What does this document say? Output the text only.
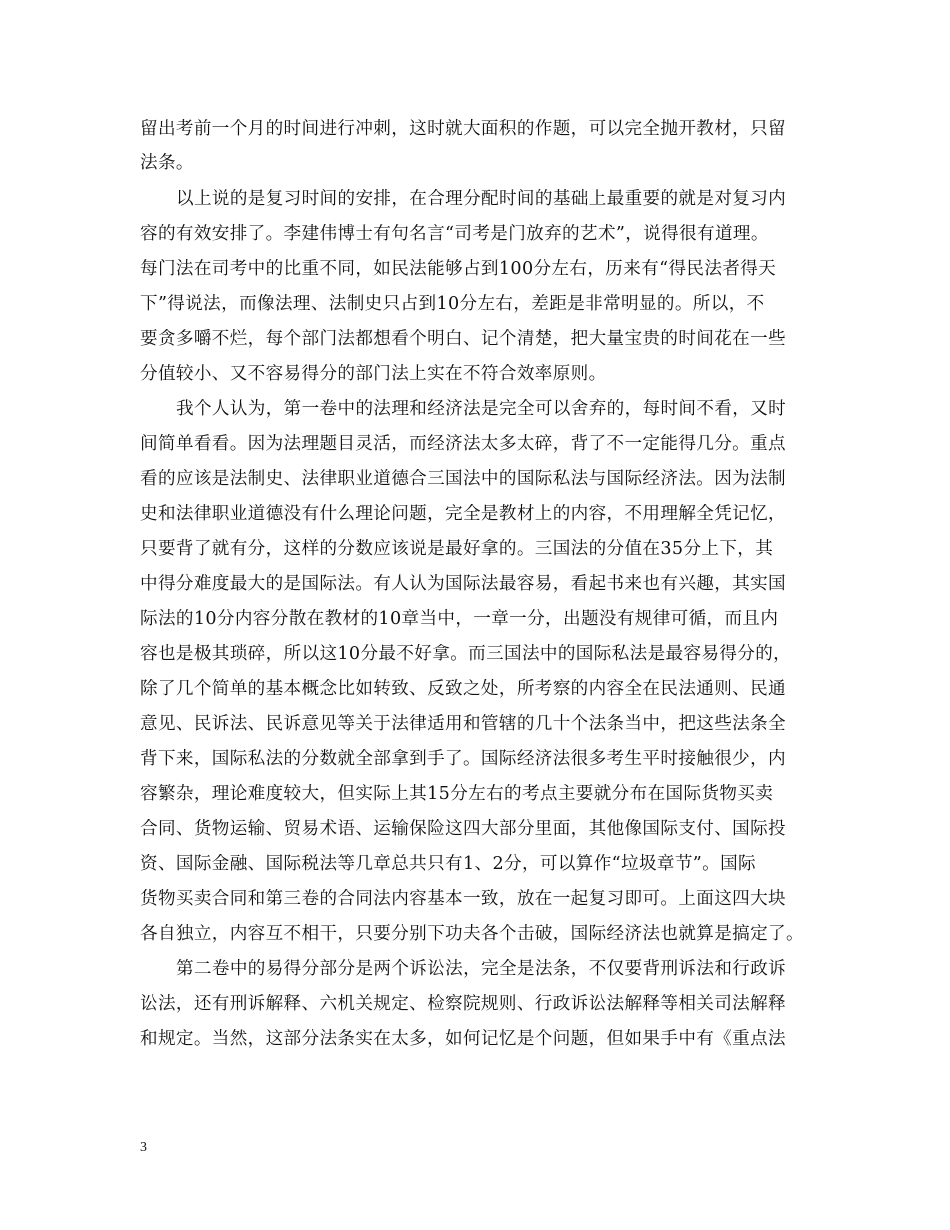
留出考前一个月的时间进行冲刺，这时就大面积的作题，可以完全抛开教材，只留
法条。
以上说的是复习时间的安排，在合理分配时间的基础上最重要的就是对复习内
容的有效安排了。李建伟博士有句名言“司考是门放弃的艺术”，说得很有道理。
每门法在司考中的比重不同，如民法能够占到100分左右，历来有“得民法者得天
下”得说法，而像法理、法制史只占到10分左右，差距是非常明显的。所以，不
要贪多嚼不烂，每个部门法都想看个明白、记个清楚，把大量宝贵的时间花在一些
分值较小、又不容易得分的部门法上实在不符合效率原则。
我个人认为，第一卷中的法理和经济法是完全可以舍弃的，每时间不看，又时
间简单看看。因为法理题目灵活，而经济法太多太碎，背了不一定能得几分。重点
看的应该是法制史、法律职业道德合三国法中的国际私法与国际经济法。因为法制
史和法律职业道德没有什么理论问题，完全是教材上的内容，不用理解全凭记忆，
只要背了就有分，这样的分数应该说是最好拿的。三国法的分值在35分上下，其
中得分难度最大的是国际法。有人认为国际法最容易，看起书来也有兴趣，其实国
际法的10分内容分散在教材的10章当中，一章一分，出题没有规律可循，而且内
容也是极其琐碎，所以这10分最不好拿。而三国法中的国际私法是最容易得分的，
除了几个简单的基本概念比如转致、反致之处，所考察的内容全在民法通则、民通
意见、民诉法、民诉意见等关于法律适用和管辖的几十个法条当中，把这些法条全
背下来，国际私法的分数就全部拿到手了。国际经济法很多考生平时接触很少，内
容繁杂，理论难度较大，但实际上其15分左右的考点主要就分布在国际货物买卖
合同、货物运输、贸易术语、运输保险这四大部分里面，其他像国际支付、国际投
资、国际金融、国际税法等几章总共只有1、2分，可以算作“垃圾章节”。国际
货物买卖合同和第三卷的合同法内容基本一致，放在一起复习即可。上面这四大块
各自独立，内容互不相干，只要分别下功夫各个击破，国际经济法也就算是搞定了。
第二卷中的易得分部分是两个诉讼法，完全是法条，不仅要背刑诉法和行政诉
讼法，还有刑诉解释、六机关规定、检察院规则、行政诉讼法解释等相关司法解释
和规定。当然，这部分法条实在太多，如何记忆是个问题，但如果手中有《重点法
3
